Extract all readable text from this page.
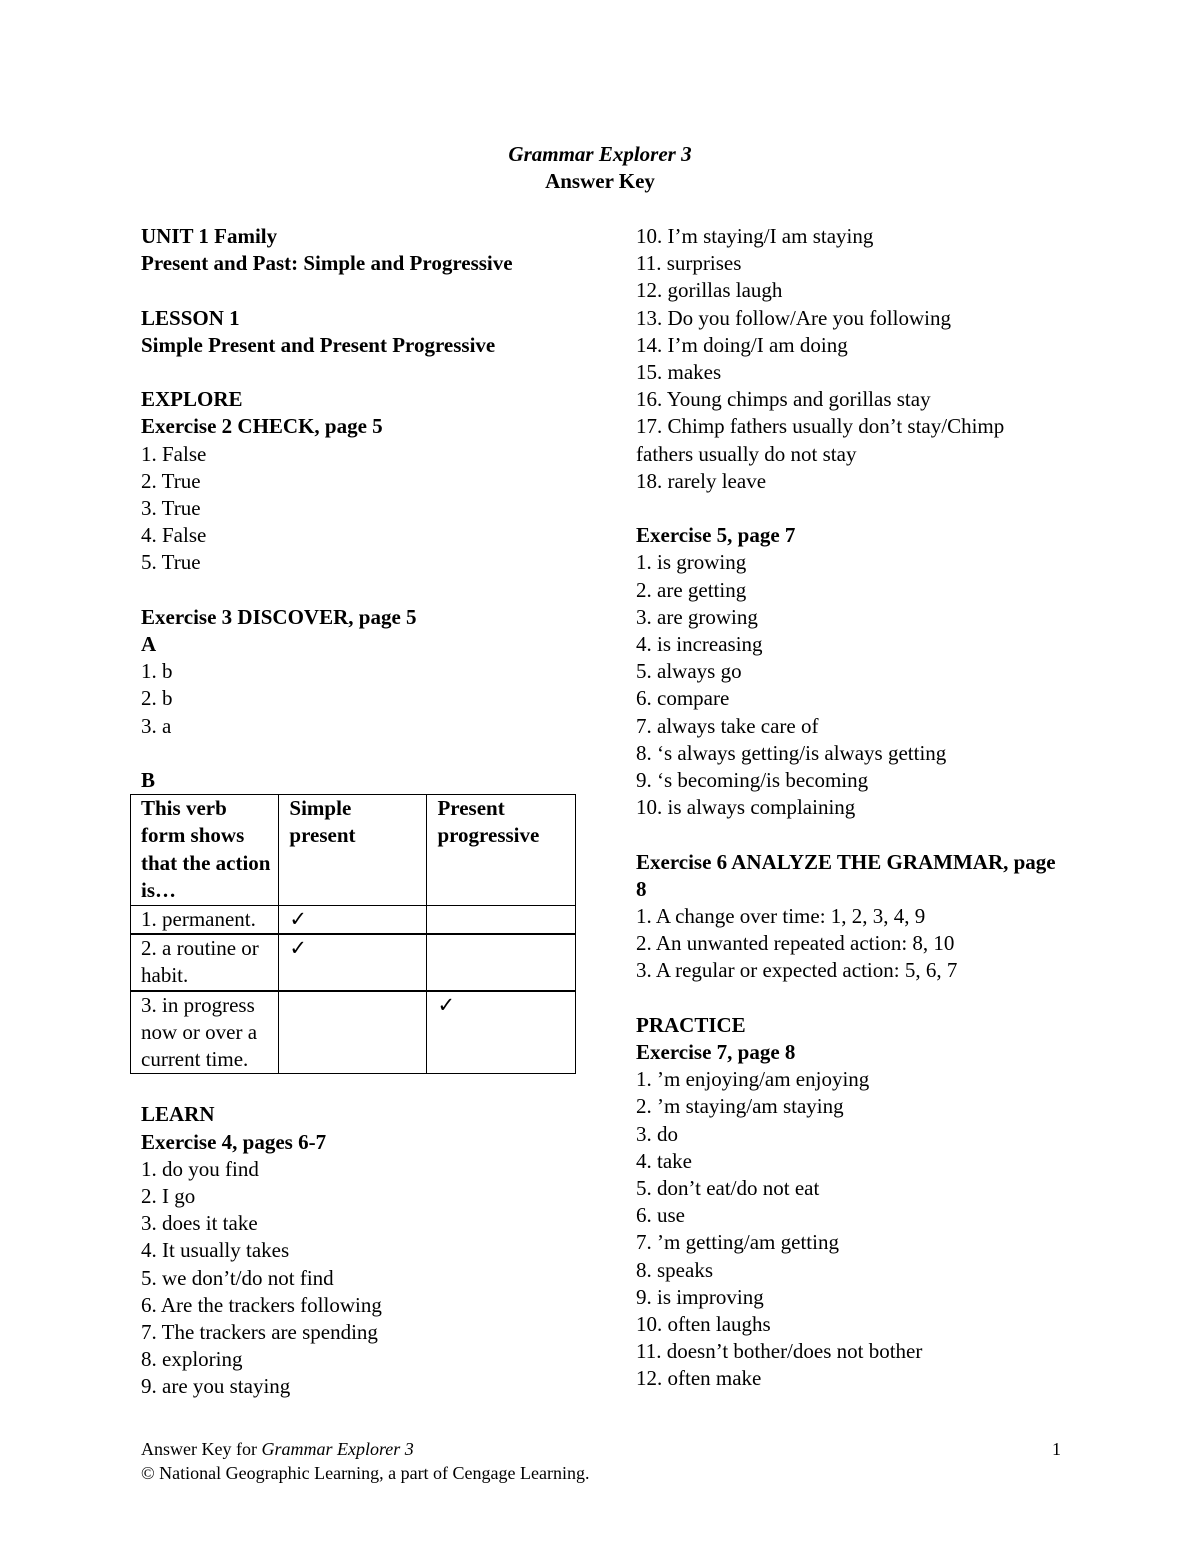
Grammar Explorer 3
Answer Key
UNIT 1 Family
Present and Past: Simple and Progressive
LESSON 1
Simple Present and Present Progressive
EXPLORE
Exercise 2 CHECK, page 5
1. False
2. True
3. True
4. False
5. True
Exercise 3 DISCOVER, page 5
A
1. b
2. b
3. a
B
This verb form shows that the action is…	Simple present	Present progressive
1. permanent.	✓	
2. a routine or habit.	✓	
3. in progress now or over a current time.		✓
LEARN
Exercise 4, pages 6-7
1. do you find
2. I go
3. does it take
4. It usually takes
5. we don’t/do not find
6. Are the trackers following
7. The trackers are spending
8. exploring
9. are you staying
10. I’m staying/I am staying
11. surprises
12. gorillas laugh
13. Do you follow/Are you following
14. I’m doing/I am doing
15. makes
16. Young chimps and gorillas stay
17. Chimp fathers usually don’t stay/Chimp fathers usually do not stay
18. rarely leave
Exercise 5, page 7
1. is growing
2. are getting
3. are growing
4. is increasing
5. always go
6. compare
7. always take care of
8. ‘s always getting/is always getting
9. ‘s becoming/is becoming
10. is always complaining
Exercise 6 ANALYZE THE GRAMMAR, page 8
1. A change over time: 1, 2, 3, 4, 9
2. An unwanted repeated action: 8, 10
3. A regular or expected action: 5, 6, 7
PRACTICE
Exercise 7, page 8
1. ’m enjoying/am enjoying
2. ’m staying/am staying
3. do
4. take
5. don’t eat/do not eat
6. use
7. ’m getting/am getting
8. speaks
9. is improving
10. often laughs
11. doesn’t bother/does not bother
12. often make
Answer Key for Grammar Explorer 3
© National Geographic Learning, a part of Cengage Learning.
1
